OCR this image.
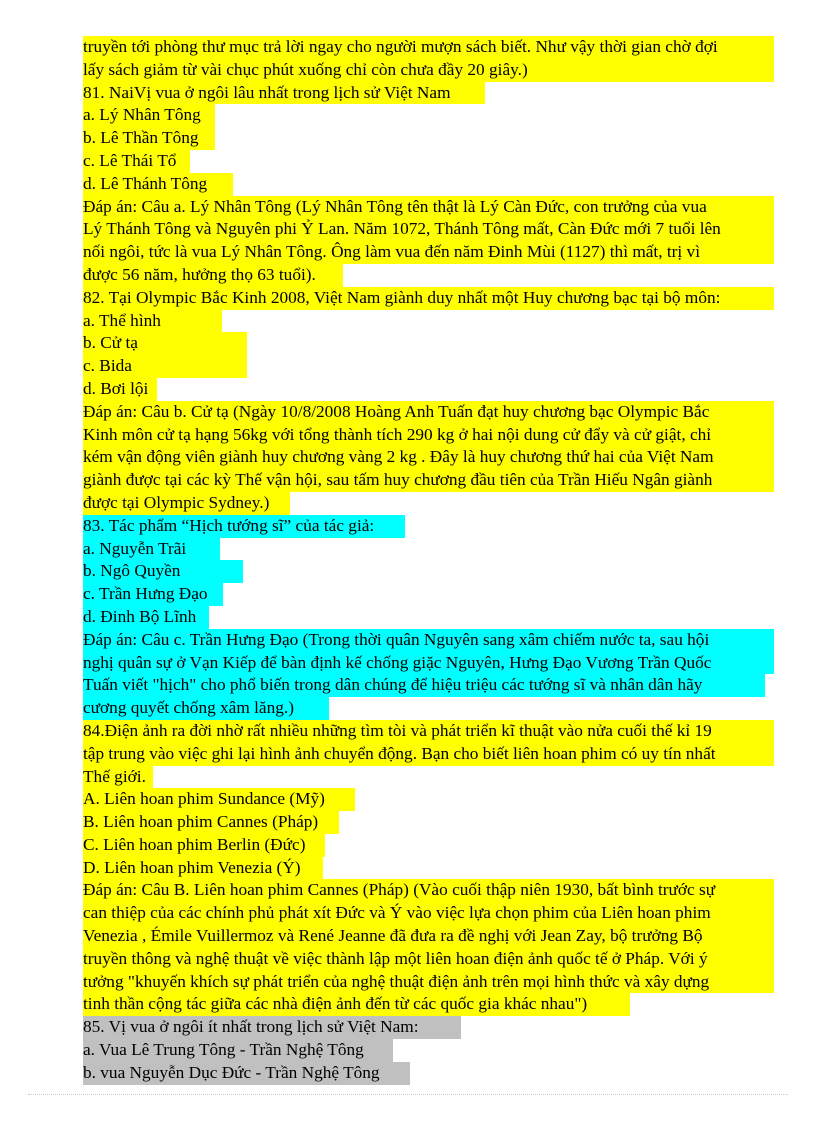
truyền tới phòng thư mục trả lời ngay cho người mượn sách biết. Như vậy thời gian chờ đợi
lấy sách giảm từ vài chục phút xuống chỉ còn chưa đầy 20 giây.)
81. NaiVị vua ở ngôi lâu nhất trong lịch sử Việt Nam
a. Lý Nhân Tông
b. Lê Thần Tông
c. Lê Thái Tổ
d. Lê Thánh Tông
Đáp án: Câu a. Lý Nhân Tông (Lý Nhân Tông tên thật là Lý Càn Đức, con trưởng của vua
Lý Thánh Tông và Nguyên phi Ỷ Lan. Năm 1072, Thánh Tông mất, Càn Đức mới 7 tuổi lên
nối ngôi, tức là vua Lý Nhân Tông. Ông làm vua đến năm Đinh Mùi (1127) thì mất, trị vì
được 56 năm, hưởng thọ 63 tuổi).
82. Tại Olympic Bắc Kinh 2008, Việt Nam giành duy nhất một Huy chương bạc tại bộ môn:
a. Thể hình
b. Cử tạ
c. Bida
d. Bơi lội
Đáp án: Câu b. Cử tạ (Ngày 10/8/2008 Hoàng Anh Tuấn đạt huy chương bạc Olympic Bắc
Kinh môn cử tạ hạng 56kg với tổng thành tích 290 kg ở hai nội dung cử đẩy và cử giật, chỉ
kém vận động viên giành huy chương vàng 2 kg . Đây là huy chương thứ hai của Việt Nam
giành được tại các kỳ Thế vận hội, sau tấm huy chương đầu tiên của Trần Hiếu Ngân giành
được tại Olympic Sydney.)
83. Tác phẩm “Hịch tướng sĩ” của tác giả:
a. Nguyễn Trãi
b. Ngô Quyền
c. Trần Hưng Đạo
d. Đinh Bộ Lĩnh
Đáp án: Câu c. Trần Hưng Đạo (Trong thời quân Nguyên sang xâm chiếm nước ta, sau hội
nghị quân sự ở Vạn Kiếp để bàn định kế chống giặc Nguyên, Hưng Đạo Vương Trần Quốc
Tuấn viết "hịch" cho phổ biến trong dân chúng để hiệu triệu các tướng sĩ và nhân dân hãy
cương quyết chống xâm lăng.)
84.Điện ảnh ra đời nhờ rất nhiều những tìm tòi và phát triển kĩ thuật vào nửa cuối thế kỉ 19
tập trung vào việc ghi lại hình ảnh chuyển động. Bạn cho biết liên hoan phim có uy tín nhất
Thế giới.
A. Liên hoan phim Sundance (Mỹ)
B. Liên hoan phim Cannes (Pháp)
C. Liên hoan phim Berlin (Đức)
D. Liên hoan phim Venezia (Ý)
Đáp án: Câu B. Liên hoan phim Cannes (Pháp) (Vào cuối thập niên 1930, bất bình trước sự
can thiệp của các chính phủ phát xít Đức và Ý vào việc lựa chọn phim của Liên hoan phim
Venezia , Émile Vuillermoz và René Jeanne đã đưa ra đề nghị với Jean Zay, bộ trưởng Bộ
truyền thông và nghệ thuật về việc thành lập một liên hoan điện ảnh quốc tế ở Pháp. Với ý
tưởng "khuyến khích sự phát triển của nghệ thuật điện ảnh trên mọi hình thức và xây dựng
tinh thần cộng tác giữa các nhà điện ảnh đến từ các quốc gia khác nhau")
85. Vị vua ở ngôi ít nhất trong lịch sử Việt Nam:
a. Vua Lê Trung Tông - Trần Nghệ Tông
b. vua Nguyễn Dục Đức - Trần Nghệ Tông
